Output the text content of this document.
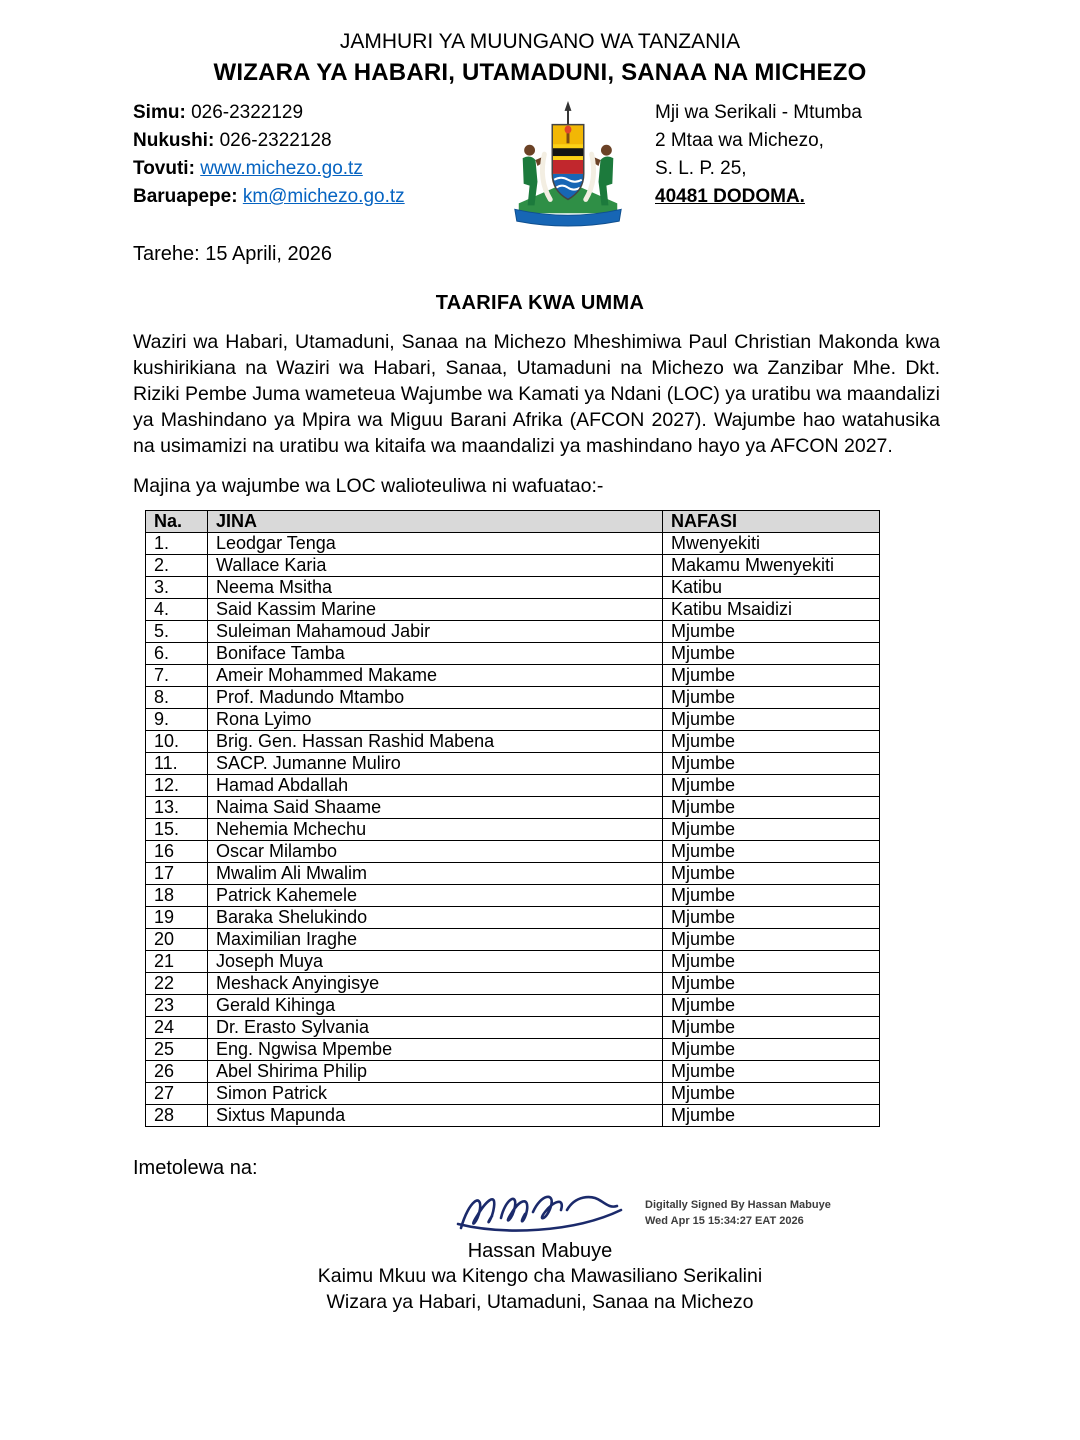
JAMHURI YA MUUNGANO WA TANZANIA
WIZARA YA HABARI, UTAMADUNI, SANAA NA MICHEZO
Simu: 026-2322129
Nukushi: 026-2322128
Tovuti: www.michezo.go.tz
Baruapepe: km@michezo.go.tz
Mji wa Serikali - Mtumba
2 Mtaa wa Michezo,
S. L. P. 25,
40481 DODOMA.
Tarehe: 15 Aprili, 2026
TAARIFA KWA UMMA

Waziri wa Habari, Utamaduni, Sanaa na Michezo Mheshimiwa Paul Christian Makonda kwa kushirikiana na Waziri wa Habari, Sanaa, Utamaduni na Michezo wa Zanzibar Mhe. Dkt. Riziki Pembe Juma wameteua Wajumbe wa Kamati ya Ndani (LOC) ya uratibu wa maandalizi ya Mashindano ya Mpira wa Miguu Barani Afrika (AFCON 2027). Wajumbe hao watahusika na usimamizi na uratibu wa kitaifa wa maandalizi ya mashindano hayo ya AFCON 2027.

Majina ya wajumbe wa LOC walioteuliwa ni wafuatao:-
Na.	JINA	NAFASI
1.	Leodgar Tenga	Mwenyekiti
2.	Wallace Karia	Makamu Mwenyekiti
3.	Neema Msitha	Katibu
4.	Said Kassim Marine	Katibu Msaidizi
5.	Suleiman Mahamoud Jabir	Mjumbe
6.	Boniface Tamba	Mjumbe
7.	Ameir Mohammed Makame	Mjumbe
8.	Prof. Madundo Mtambo	Mjumbe
9.	Rona Lyimo	Mjumbe
10.	Brig. Gen. Hassan Rashid Mabena	Mjumbe
11.	SACP. Jumanne Muliro	Mjumbe
12.	Hamad Abdallah	Mjumbe
13.	Naima Said Shaame	Mjumbe
15.	Nehemia Mchechu	Mjumbe
16	Oscar Milambo	Mjumbe
17	Mwalim Ali Mwalim	Mjumbe
18	Patrick Kahemele	Mjumbe
19	Baraka Shelukindo	Mjumbe
20	Maximilian Iraghe	Mjumbe
21	Joseph Muya	Mjumbe
22	Meshack Anyingisye	Mjumbe
23	Gerald Kihinga	Mjumbe
24	Dr. Erasto Sylvania	Mjumbe
25	Eng. Ngwisa Mpembe	Mjumbe
26	Abel Shirima Philip	Mjumbe
27	Simon Patrick	Mjumbe
28	Sixtus Mapunda	Mjumbe
Imetolewa na:
Digitally Signed By Hassan Mabuye
Wed Apr 15 15:34:27 EAT 2026
Hassan Mabuye
Kaimu Mkuu wa Kitengo cha Mawasiliano Serikalini
Wizara ya Habari, Utamaduni, Sanaa na Michezo
